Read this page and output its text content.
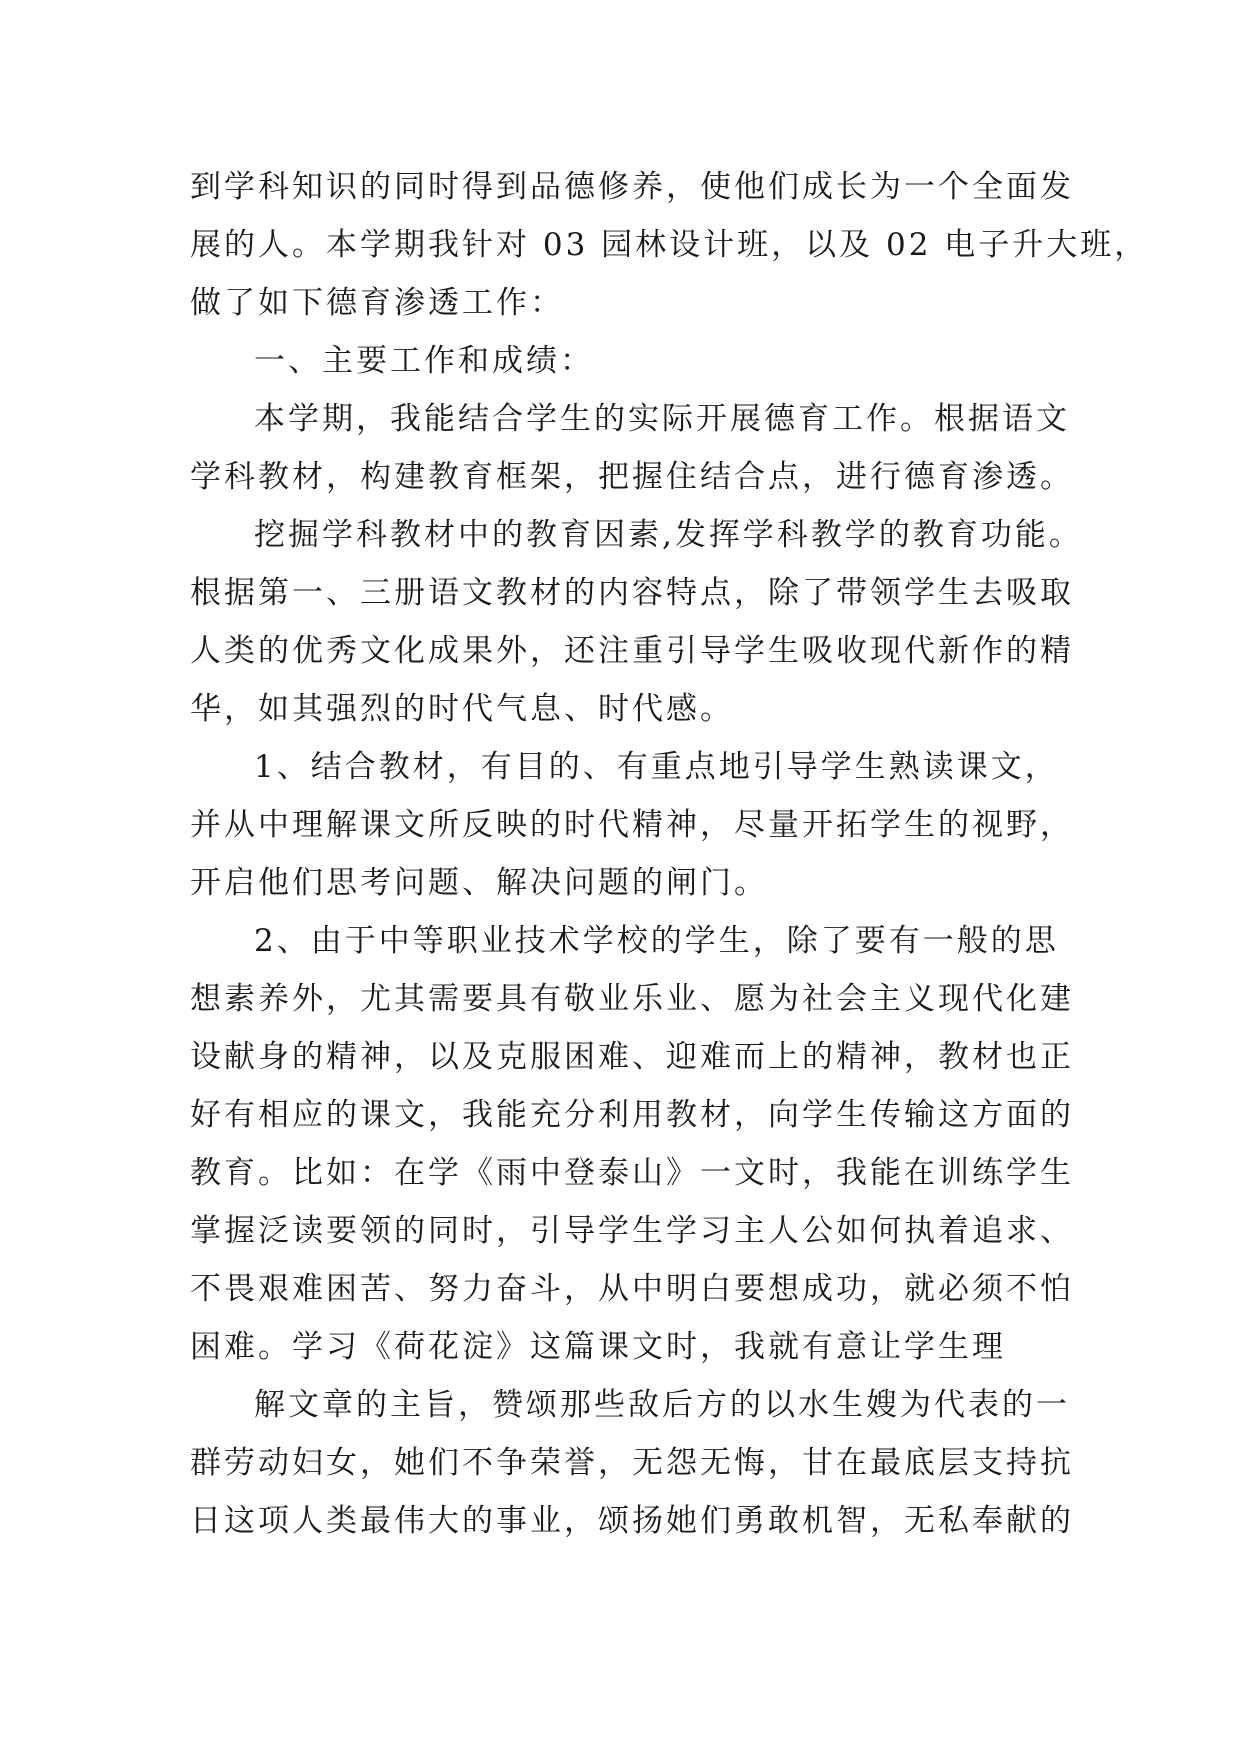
到学科知识的同时得到品德修养，使他们成长为一个全面发
展的人。本学期我针对 03 园林设计班，以及 02 电子升大班，
做了如下德育渗透工作：
一、主要工作和成绩：
本学期，我能结合学生的实际开展德育工作。根据语文
学科教材，构建教育框架，把握住结合点，进行德育渗透。
挖掘学科教材中的教育因素,发挥学科教学的教育功能。
根据第一、三册语文教材的内容特点，除了带领学生去吸取
人类的优秀文化成果外，还注重引导学生吸收现代新作的精
华，如其强烈的时代气息、时代感。
1、结合教材，有目的、有重点地引导学生熟读课文，
并从中理解课文所反映的时代精神，尽量开拓学生的视野，
开启他们思考问题、解决问题的闸门。
2、由于中等职业技术学校的学生，除了要有一般的思
想素养外，尤其需要具有敬业乐业、愿为社会主义现代化建
设献身的精神，以及克服困难、迎难而上的精神，教材也正
好有相应的课文，我能充分利用教材，向学生传输这方面的
教育。比如：在学《雨中登泰山》一文时，我能在训练学生
掌握泛读要领的同时，引导学生学习主人公如何执着追求、
不畏艰难困苦、努力奋斗，从中明白要想成功，就必须不怕
困难。学习《荷花淀》这篇课文时，我就有意让学生理
解文章的主旨，赞颂那些敌后方的以水生嫂为代表的一
群劳动妇女，她们不争荣誉，无怨无悔，甘在最底层支持抗
日这项人类最伟大的事业，颂扬她们勇敢机智，无私奉献的
